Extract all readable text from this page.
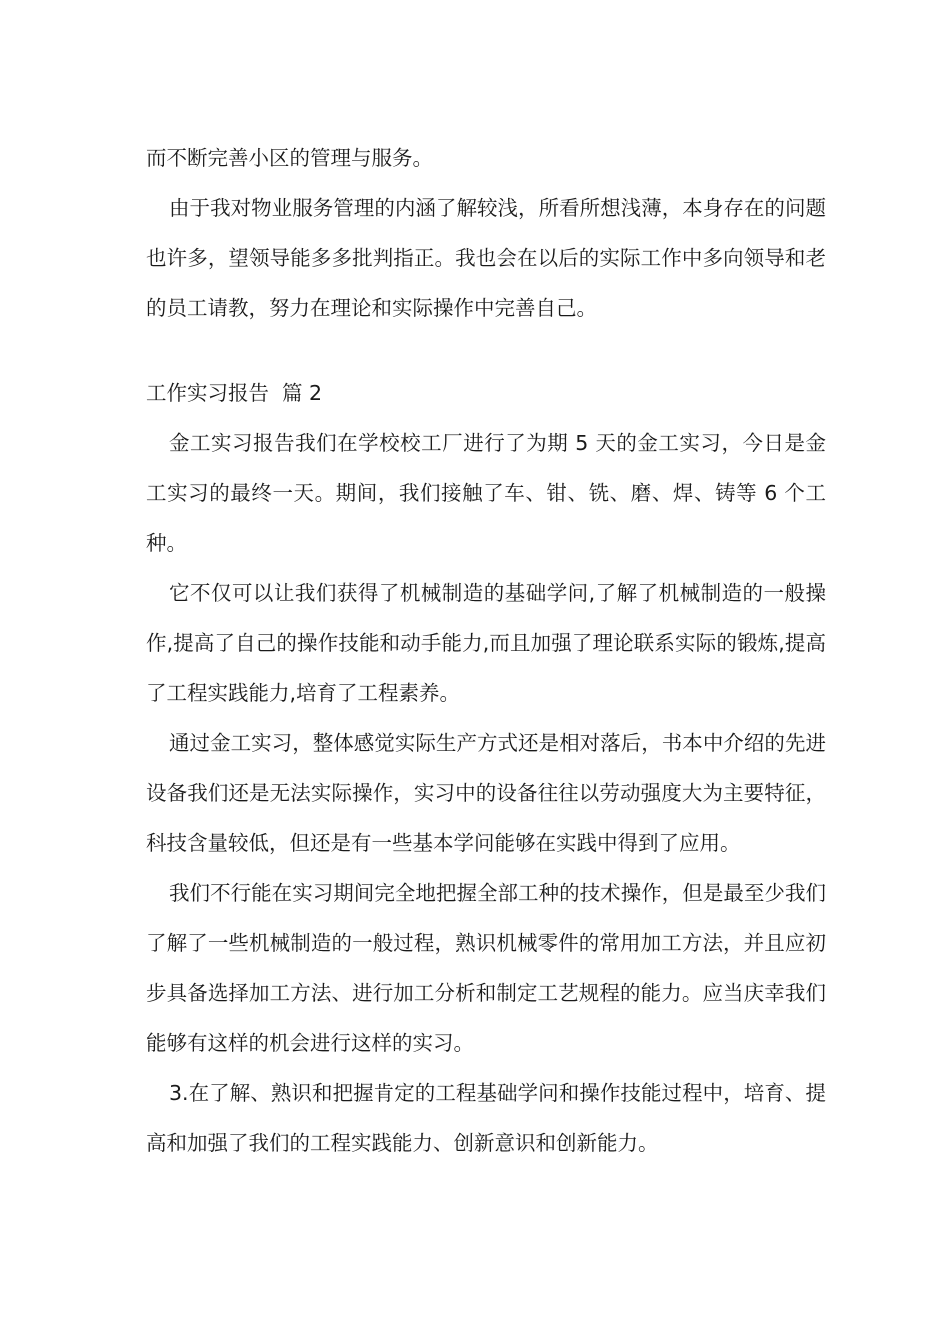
而不断完善小区的管理与服务。

由于我对物业服务管理的内涵了解较浅，所看所想浅薄，本身存在的问题也许多，望领导能多多批判指正。我也会在以后的实际工作中多向领导和老的员工请教，努力在理论和实际操作中完善自己。

工作实习报告  篇 2

金工实习报告我们在学校校工厂进行了为期 5 天的金工实习，今日是金工实习的最终一天。期间，我们接触了车、钳、铣、磨、焊、铸等 6 个工种。

它不仅可以让我们获得了机械制造的基础学问,了解了机械制造的一般操作,提高了自己的操作技能和动手能力,而且加强了理论联系实际的锻炼,提高了工程实践能力,培育了工程素养。

通过金工实习，整体感觉实际生产方式还是相对落后，书本中介绍的先进设备我们还是无法实际操作，实习中的设备往往以劳动强度大为主要特征，科技含量较低，但还是有一些基本学问能够在实践中得到了应用。

我们不行能在实习期间完全地把握全部工种的技术操作，但是最至少我们了解了一些机械制造的一般过程，熟识机械零件的常用加工方法，并且应初步具备选择加工方法、进行加工分析和制定工艺规程的能力。应当庆幸我们能够有这样的机会进行这样的实习。

3.在了解、熟识和把握肯定的工程基础学问和操作技能过程中，培育、提高和加强了我们的工程实践能力、创新意识和创新能力。
